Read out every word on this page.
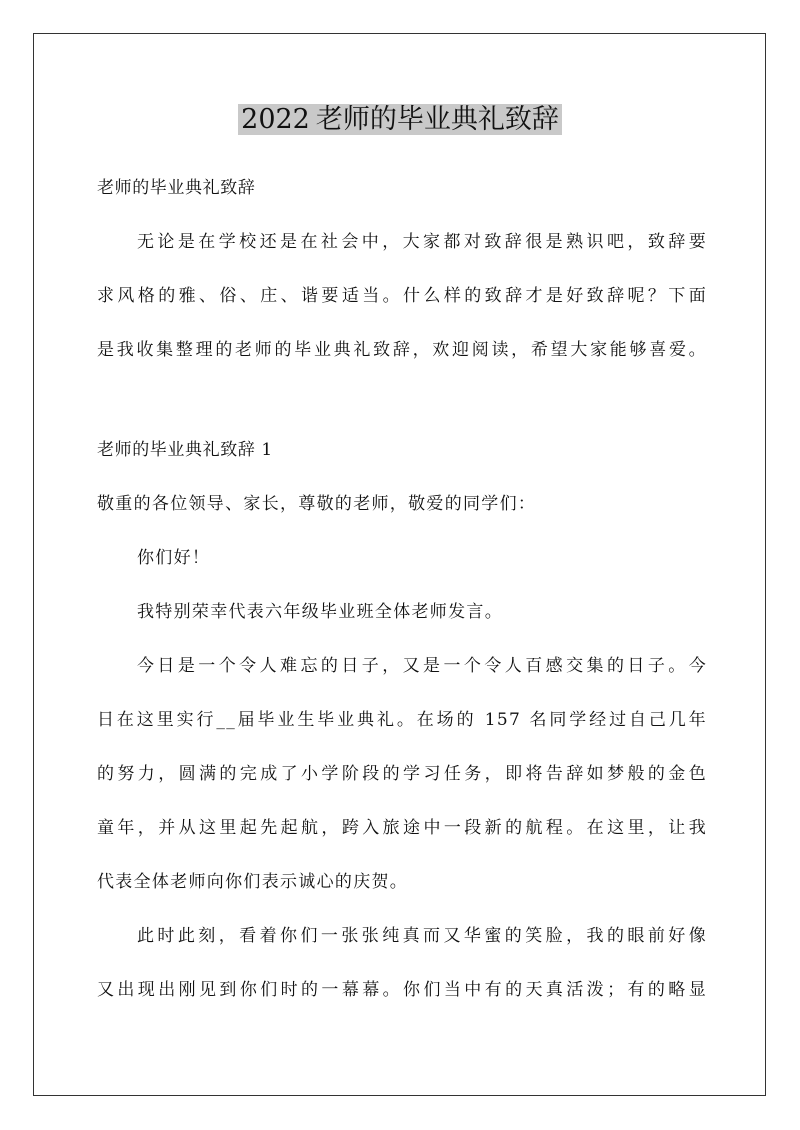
2022 老师的毕业典礼致辞
老师的毕业典礼致辞
无论是在学校还是在社会中，大家都对致辞很是熟识吧，致辞要
求风格的雅、俗、庄、谐要适当。什么样的致辞才是好致辞呢？下面
是我收集整理的老师的毕业典礼致辞，欢迎阅读，希望大家能够喜爱。
老师的毕业典礼致辞 1
敬重的各位领导、家长，尊敬的老师，敬爱的同学们：
你们好！
我特别荣幸代表六年级毕业班全体老师发言。
今日是一个令人难忘的日子，又是一个令人百感交集的日子。今
日在这里实行__届毕业生毕业典礼。在场的 157 名同学经过自己几年
的努力，圆满的完成了小学阶段的学习任务，即将告辞如梦般的金色
童年，并从这里起先起航，跨入旅途中一段新的航程。在这里，让我
代表全体老师向你们表示诚心的庆贺。
此时此刻，看着你们一张张纯真而又华蜜的笑脸，我的眼前好像
又出现出刚见到你们时的一幕幕。你们当中有的天真活泼；有的略显
